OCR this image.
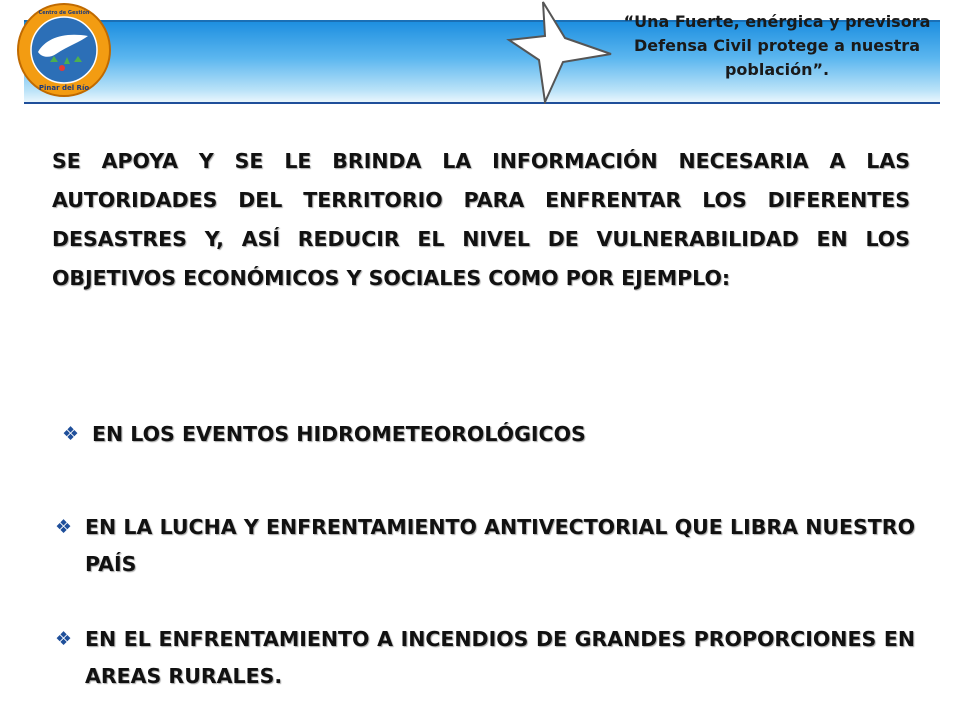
Pinar del Río
Centro de Gestión	“Una Fuerte, enérgica y previsora Defensa Civil protege a nuestra población”.
SE APOYA Y SE LE BRINDA LA INFORMACIÓN NECESARIA A LAS AUTORIDADES DEL TERRITORIO PARA ENFRENTAR LOS DIFERENTES DESASTRES Y, ASÍ REDUCIR EL NIVEL DE VULNERABILIDAD EN LOS OBJETIVOS ECONÓMICOS Y SOCIALES COMO POR EJEMPLO:
❖ EN LOS EVENTOS HIDROMETEOROLÓGICOS
❖ EN LA LUCHA Y ENFRENTAMIENTO ANTIVECTORIAL QUE LIBRA NUESTRO PAÍS
❖ EN EL ENFRENTAMIENTO A INCENDIOS DE GRANDES PROPORCIONES EN AREAS RURALES.
